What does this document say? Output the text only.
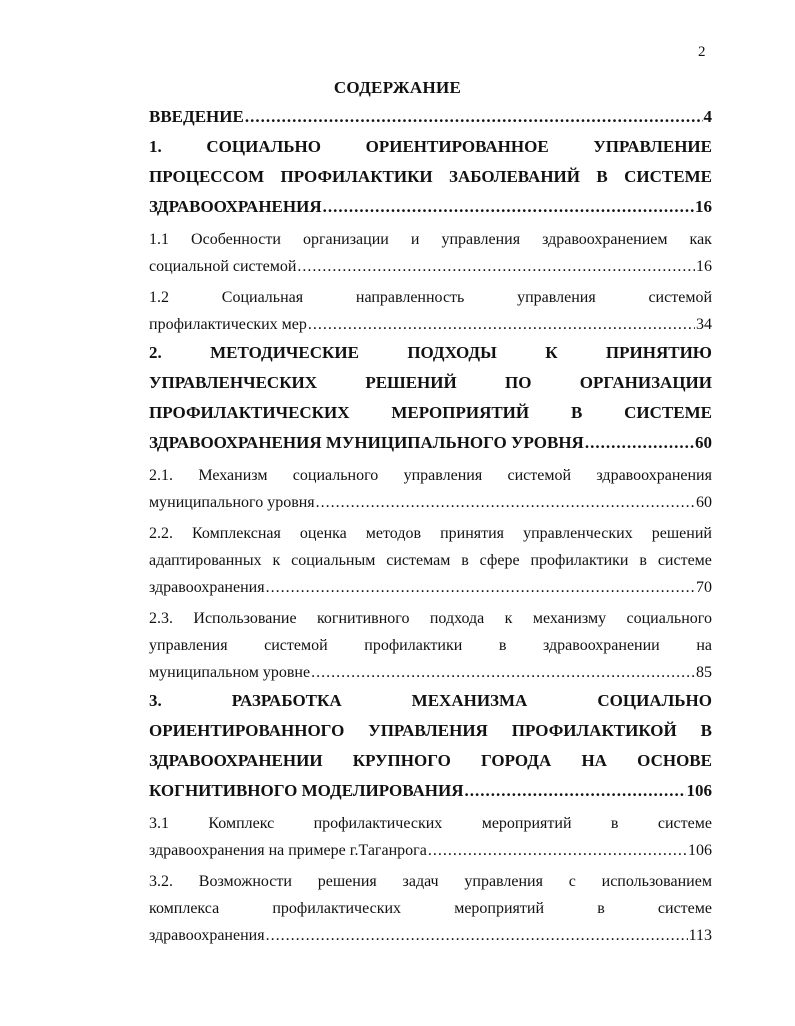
2
СОДЕРЖАНИЕ
ВВЕДЕНИЕ .....	4
1.	СОЦИАЛЬНО	ОРИЕНТИРОВАННОЕ	УПРАВЛЕНИЕ
ПРОЦЕССОМ ПРОФИЛАКТИКИ ЗАБОЛЕВАНИЙ В СИСТЕМЕ
ЗДРАВООХРАНЕНИЯ .....	16
1.1 Особенности организации и управления здравоохранением как
социальной системой .....	16
1.2	Социальная	направленность	управления	системой
профилактических мер .....	34
2.	МЕТОДИЧЕСКИЕ	ПОДХОДЫ	К	ПРИНЯТИЮ
УПРАВЛЕНЧЕСКИХ	РЕШЕНИЙ	ПО	ОРГАНИЗАЦИИ
ПРОФИЛАКТИЧЕСКИХ МЕРОПРИЯТИЙ В СИСТЕМЕ
ЗДРАВООХРАНЕНИЯ МУНИЦИПАЛЬНОГО УРОВНЯ .....	60
2.1. Механизм социального управления системой здравоохранения
муниципального уровня .....	60
2.2. Комплексная оценка методов принятия управленческих решений
адаптированных к социальным системам в сфере профилактики в системе
здравоохранения .....	70
2.3. Использование когнитивного подхода к механизму социального
управления системой профилактики в здравоохранении на
муниципальном уровне .....	85
3.	РАЗРАБОТКА	МЕХАНИЗМА	СОЦИАЛЬНО
ОРИЕНТИРОВАННОГО УПРАВЛЕНИЯ ПРОФИЛАКТИКОЙ В
ЗДРАВООХРАНЕНИИ КРУПНОГО ГОРОДА НА ОСНОВЕ
КОГНИТИВНОГО МОДЕЛИРОВАНИЯ .....	106
3.1 Комплекс профилактических мероприятий в системе
здравоохранения на примере г.Таганрога .....	106
3.2. Возможности решения задач управления с использованием
комплекса	профилактических	мероприятий	в	системе
здравоохранения .....	113
